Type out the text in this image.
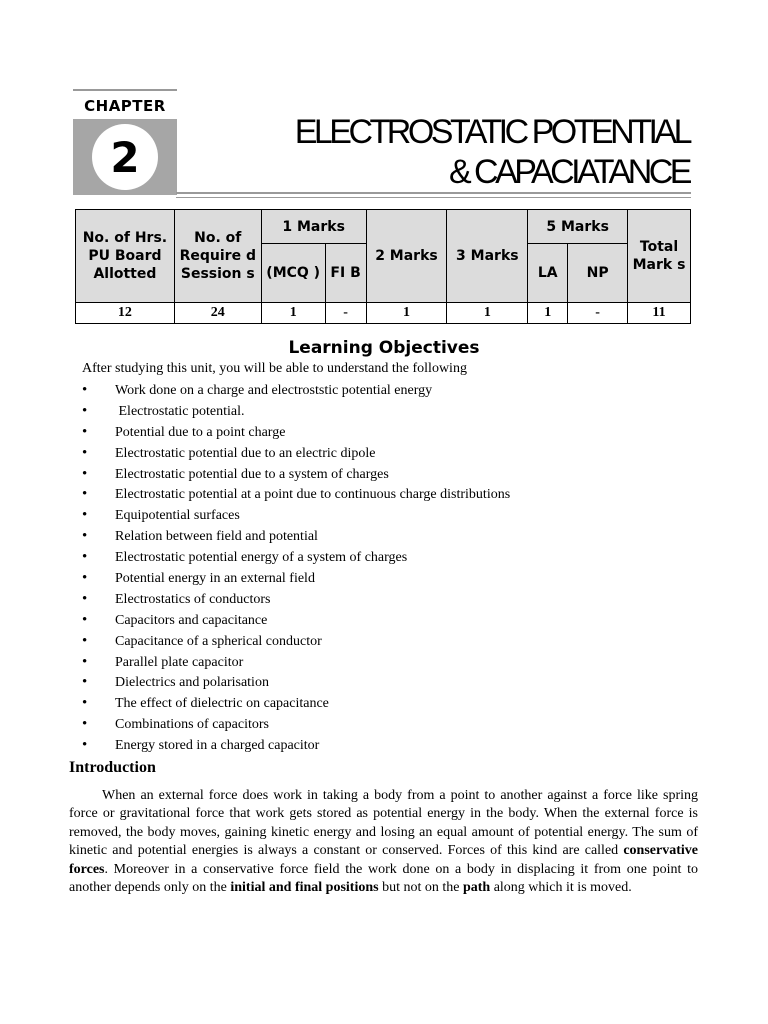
CHAPTER
2
ELECTROSTATIC POTENTIAL
& CAPACIATANCE
No. of Hrs. PU Board Allotted	No. of Require d Session s	1 Marks		2 Marks	3 Marks	5 Marks		Total Mark s
		(MCQ )	FI B			LA	NP	
12	24	1	-	1	1	1	-	11
Learning Objectives
After studying this unit, you will be able to understand the following
• Work done on a charge and electroststic potential energy
•  Electrostatic potential.
• Potential due to a point charge
• Electrostatic potential due to an electric dipole
• Electrostatic potential due to a system of charges
• Electrostatic potential at a point due to continuous charge distributions
• Equipotential surfaces
• Relation between field and potential
• Electrostatic potential energy of a system of charges
• Potential energy in an external field
• Electrostatics of conductors
• Capacitors and capacitance
• Capacitance of a spherical conductor
• Parallel plate capacitor
• Dielectrics and polarisation
• The effect of dielectric on capacitance
• Combinations of capacitors
• Energy stored in a charged capacitor
Introduction

When an external force does work in taking a body from a point to another against a force like spring force or gravitational force that work gets stored as potential energy in the body. When the external force is removed, the body moves, gaining kinetic energy and losing an equal amount of potential energy. The sum of kinetic and potential energies is always a constant or conserved. Forces of this kind are called conservative forces. Moreover in a conservative force field the work done on a body in displacing it from one point to another depends only on the initial and final positions but not on the path along which it is moved.
